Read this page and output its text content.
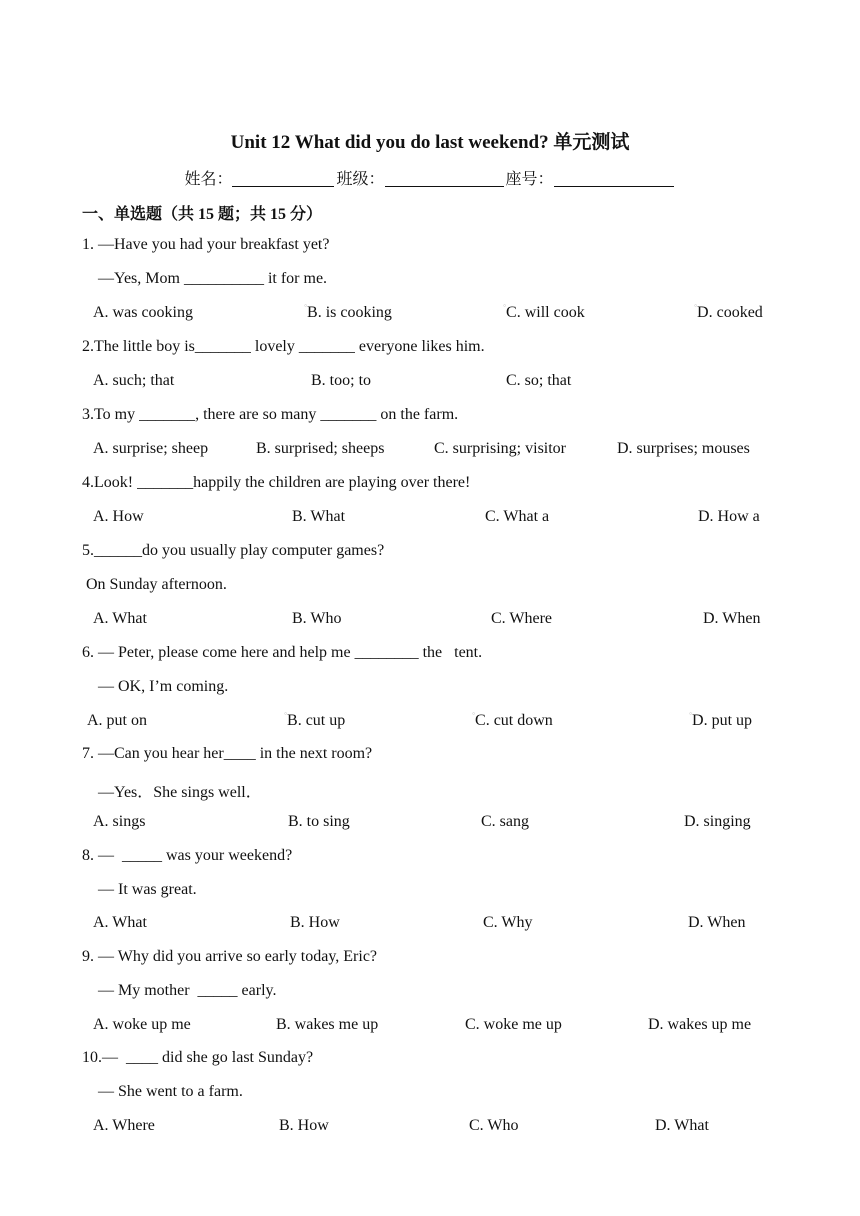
Unit 12 What did you do last weekend? 单元测试
姓名：	班级：	座号：
一、单选题（共 15 题；共 15 分）
1. —Have you had your breakfast yet?
—Yes, Mom __________ it for me.
A. was cooking	○B. is cooking	○C. will cook	○D. cooked
2.The little boy is_______ lovely _______ everyone likes him.
A. such; that	B. too; to	C. so; that
3.To my _______, there are so many _______ on the farm.
A. surprise; sheep	B. surprised; sheeps	C. surprising; visitor	D. surprises; mouses
4.Look! _______happily the children are playing over there!
A. How	B. What	C. What a	D. How a
5.______do you usually play computer games?
On Sunday afternoon.
A. What	B. Who	C. Where	D. When
6. — Peter, please come here and help me ________ the   tent.
— OK, I’m coming.
A. put on	○B. cut up	○C. cut down	○D. put up
7. —Can you hear her____ in the next room?
—Yes．She sings well．
A. sings	B. to sing	C. sang	D. singing
8. —  _____ was your weekend?
— It was great.
A. What	B. How	C. Why	D. When
9. — Why did you arrive so early today, Eric?
— My mother  _____ early.
A. woke up me	B. wakes me up	C. woke me up	D. wakes up me
10.—  ____ did she go last Sunday?
— She went to a farm.
A. Where	B. How	C. Who	D. What
